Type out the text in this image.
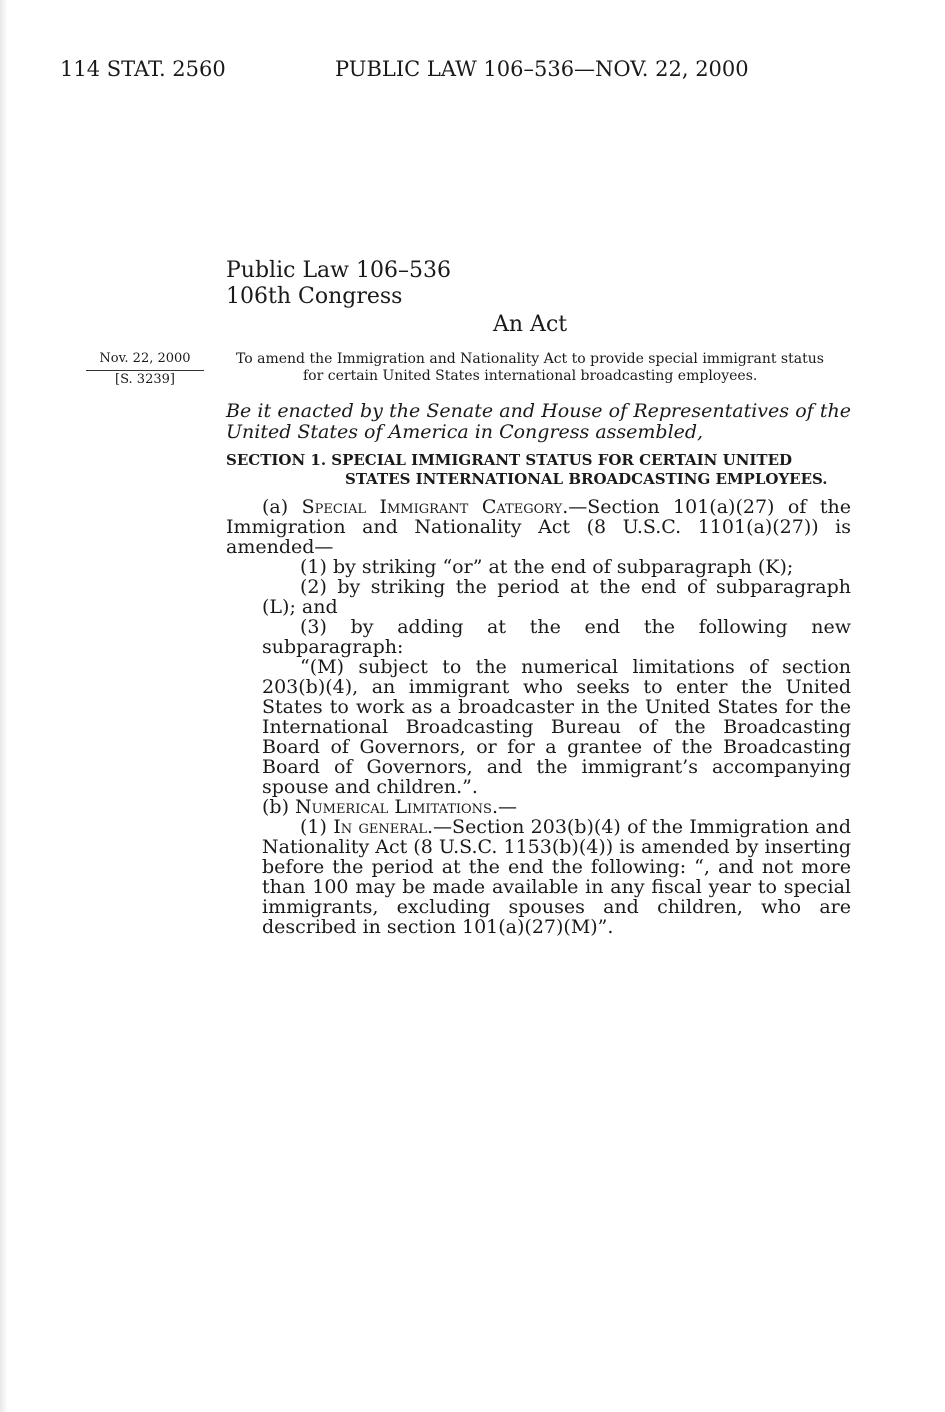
114 STAT. 2560	PUBLIC LAW 106–536—NOV. 22, 2000
Public Law 106–536
106th Congress
An Act
Nov. 22, 2000
[S. 3239]
To amend the Immigration and Nationality Act to provide special immigrant status
for certain United States international broadcasting employees.
Be it enacted by the Senate and House of Representatives of the United States of America in Congress assembled,
SECTION 1. SPECIAL IMMIGRANT STATUS FOR CERTAIN UNITED
STATES INTERNATIONAL BROADCASTING EMPLOYEES.

(a) Special Immigrant Category.—Section 101(a)(27) of the Immigration and Nationality Act (8 U.S.C. 1101(a)(27)) is amended—

(1) by striking “or” at the end of subparagraph (K);

(2) by striking the period at the end of subparagraph (L); and

(3) by adding at the end the following new subparagraph:

“(M) subject to the numerical limitations of section 203(b)(4), an immigrant who seeks to enter the United States to work as a broadcaster in the United States for the International Broadcasting Bureau of the Broadcasting Board of Governors, or for a grantee of the Broadcasting Board of Governors, and the immigrant’s accompanying spouse and children.”.

(b) Numerical Limitations.—

(1) In general.—Section 203(b)(4) of the Immigration and Nationality Act (8 U.S.C. 1153(b)(4)) is amended by inserting before the period at the end the following: “, and not more than 100 may be made available in any fiscal year to special immigrants, excluding spouses and children, who are described in section 101(a)(27)(M)”.
